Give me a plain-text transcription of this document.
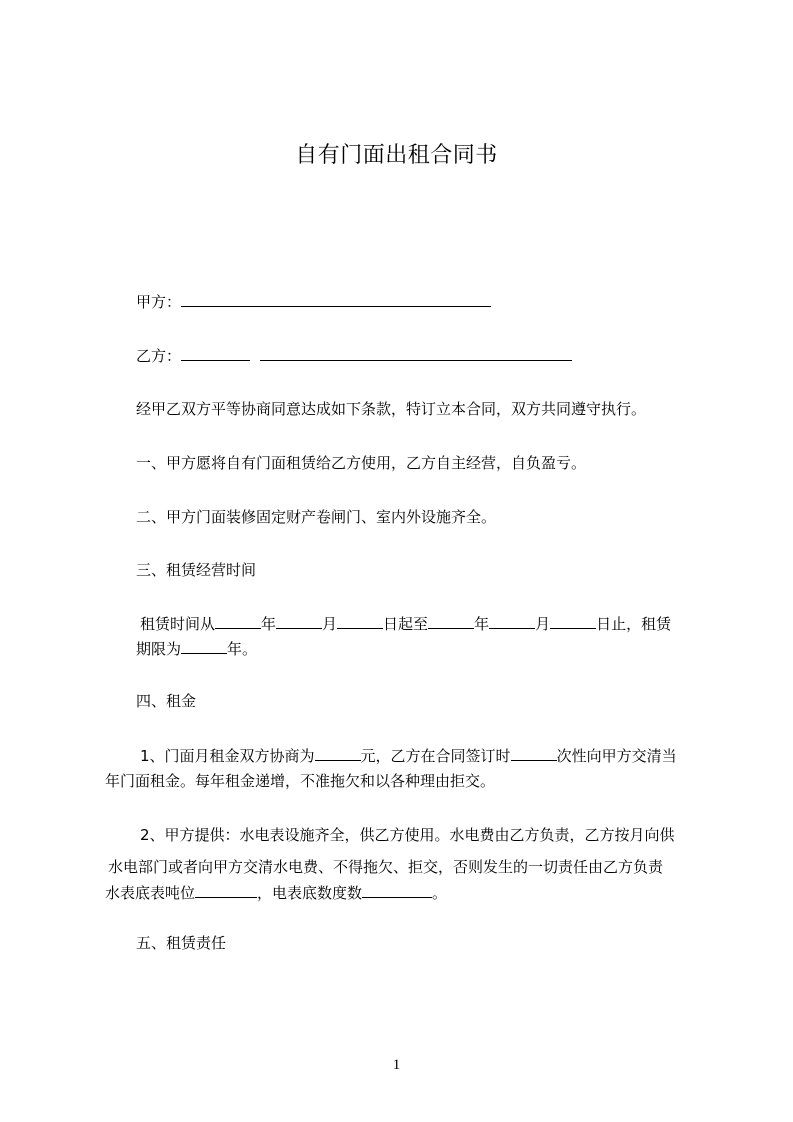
自有门面出租合同书
甲方：
乙方：
经甲乙双方平等协商同意达成如下条款，特订立本合同，双方共同遵守执行。
一、甲方愿将自有门面租赁给乙方使用，乙方自主经营，自负盈亏。
二、甲方门面装修固定财产卷闸门、室内外设施齐全。
三、租赁经营时间
租赁时间从	年	月	日起至	年	月	日止，租赁
期限为	年。
四、租金
1、门面月租金双方协商为	元，乙方在合同签订时	次性向甲方交清当
年门面租金。每年租金递增，不准拖欠和以各种理由拒交。
2、甲方提供：水电表设施齐全，供乙方使用。水电费由乙方负责，乙方按月向供
水电部门或者向甲方交清水电费、不得拖欠、拒交，否则发生的一切责任由乙方负责
水表底表吨位	，电表底数度数	。
五、租赁责任
1
